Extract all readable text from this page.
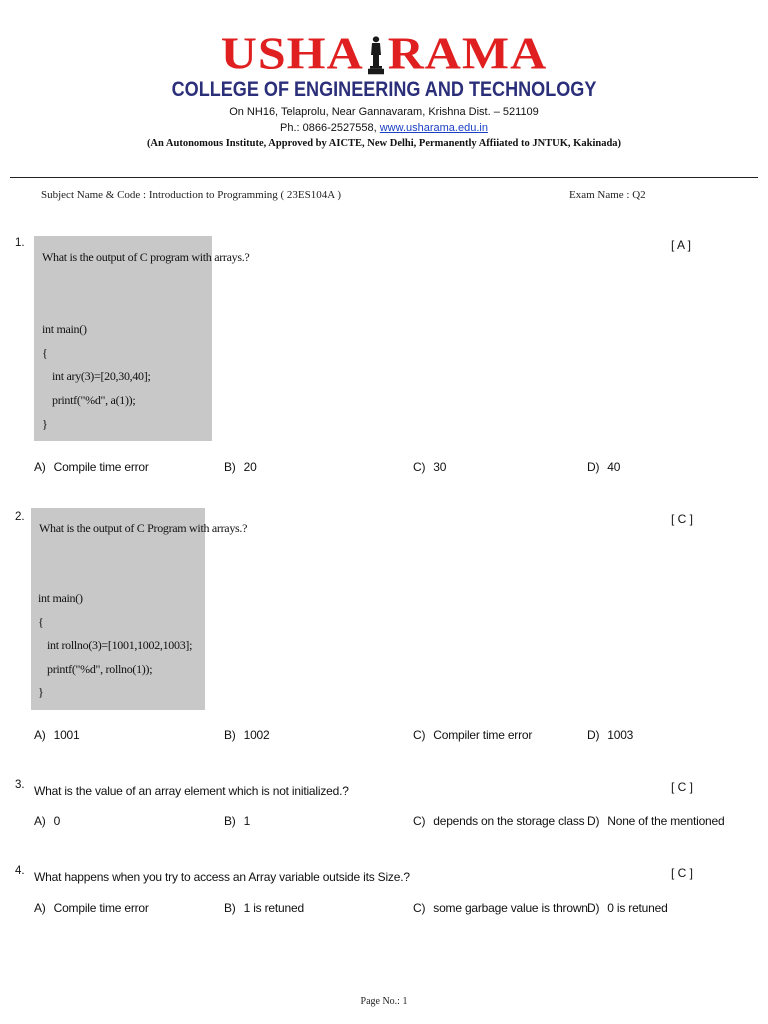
USHA RAMA
COLLEGE OF ENGINEERING AND TECHNOLOGY
On NH16, Telaprolu, Near Gannavaram, Krishna Dist. – 521109
Ph.: 0866-2527558, www.usharama.edu.in
(An Autonomous Institute, Approved by AICTE, New Delhi, Permanently Affiiated to JNTUK, Kakinada)
Subject Name & Code : Introduction to Programming ( 23ES104A )	Exam Name : Q2
1.	[ A ]
What is the output of C program with arrays.?
int main()
{
int ary(3)=[20,30,40];
printf("%d", a(1));
}
A) Compile time error	B) 20	C) 30	D) 40
2.	[ C ]
What is the output of C Program with arrays.?
int main()
{
int rollno(3)=[1001,1002,1003];
printf("%d", rollno(1));
}
A) 1001	B) 1002	C) Compiler time error	D) 1003
3.	[ C ]
What is the value of an array element which is not initialized.?
A) 0	B) 1	C) depends on the storage class D) None of the mentioned
4.	[ C ]
What happens when you try to access an Array variable outside its Size.?
A) Compile time error	B) 1 is retuned	C) some garbage value is thrown D) 0 is retuned
Page No.: 1
